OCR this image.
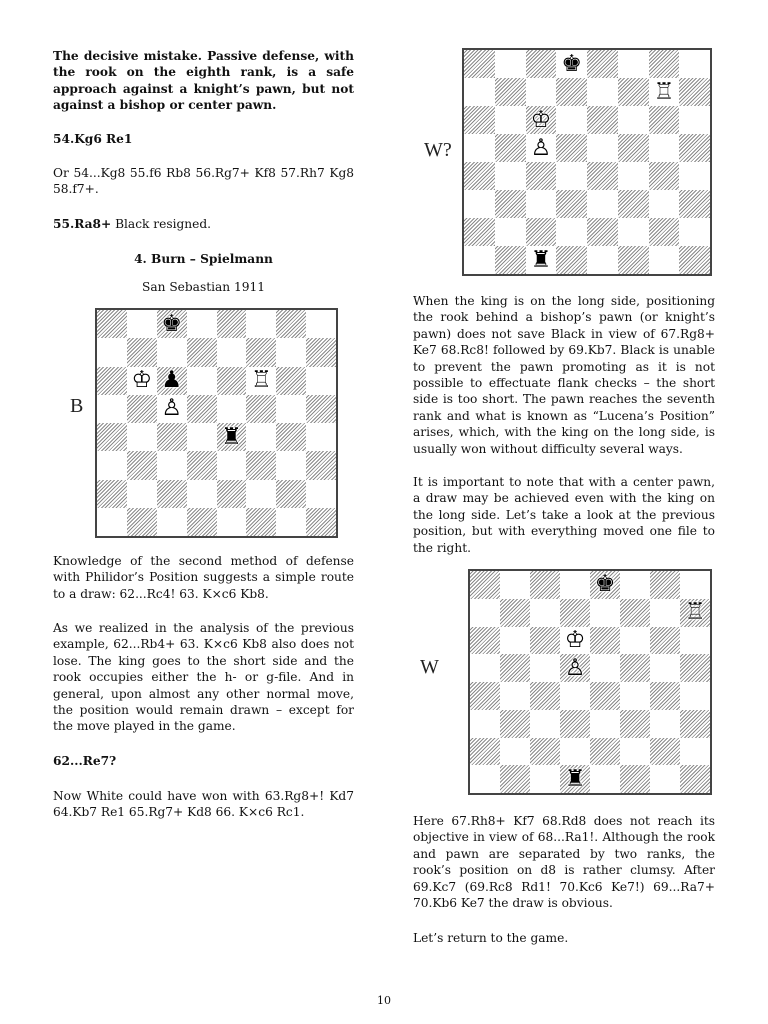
The decisive mistake. Passive defense, with the rook on the eighth rank, is a safe approach against a knight’s pawn, but not against a bishop or center pawn.

54.Kg6 Re1

Or 54...Kg8 55.f6 Rb8 56.Rg7+ Kf8 57.Rh7 Kg8 58.f7+.

55.Ra8+ Black resigned.

4. Burn – Spielmann

San Sebastian 1911

B
♚
♔ ♟	♖
♙
♜

Knowledge of the second method of defense with Philidor’s Position suggests a simple route to a draw: 62...Rc4! 63. K×c6 Kb8.

As we realized in the analysis of the previous example, 62...Rb4+ 63. K×c6 Kb8 also does not lose. The king goes to the short side and the rook occupies either the h- or g-file. And in general, upon almost any other normal move, the position would remain drawn – except for the move played in the game.

62...Re7?

Now White could have won with 63.Rg8+! Kd7 64.Kb7 Re1 65.Rg7+ Kd8 66. K×c6 Rc1.

W?
♚
♖
♔
♙
♜

When the king is on the long side, positioning the rook behind a bishop’s pawn (or knight’s pawn) does not save Black in view of 67.Rg8+ Ke7 68.Rc8! followed by 69.Kb7. Black is unable to prevent the pawn promoting as it is not possible to effectuate flank checks – the short side is too short. The pawn reaches the seventh rank and what is known as “Lucena’s Position” arises, which, with the king on the long side, is usually won without difficulty several ways.

It is important to note that with a center pawn, a draw may be achieved even with the king on the long side. Let’s take a look at the previous position, but with everything moved one file to the right.

W
♚
♖
♔
♙
♜

Here 67.Rh8+ Kf7 68.Rd8 does not reach its objective in view of 68...Ra1!. Although the rook and pawn are separated by two ranks, the rook’s position on d8 is rather clumsy. After 69.Kc7 (69.Rc8 Rd1! 70.Kc6 Ke7!) 69...Ra7+ 70.Kb6 Ke7 the draw is obvious.

Let’s return to the game.

10
